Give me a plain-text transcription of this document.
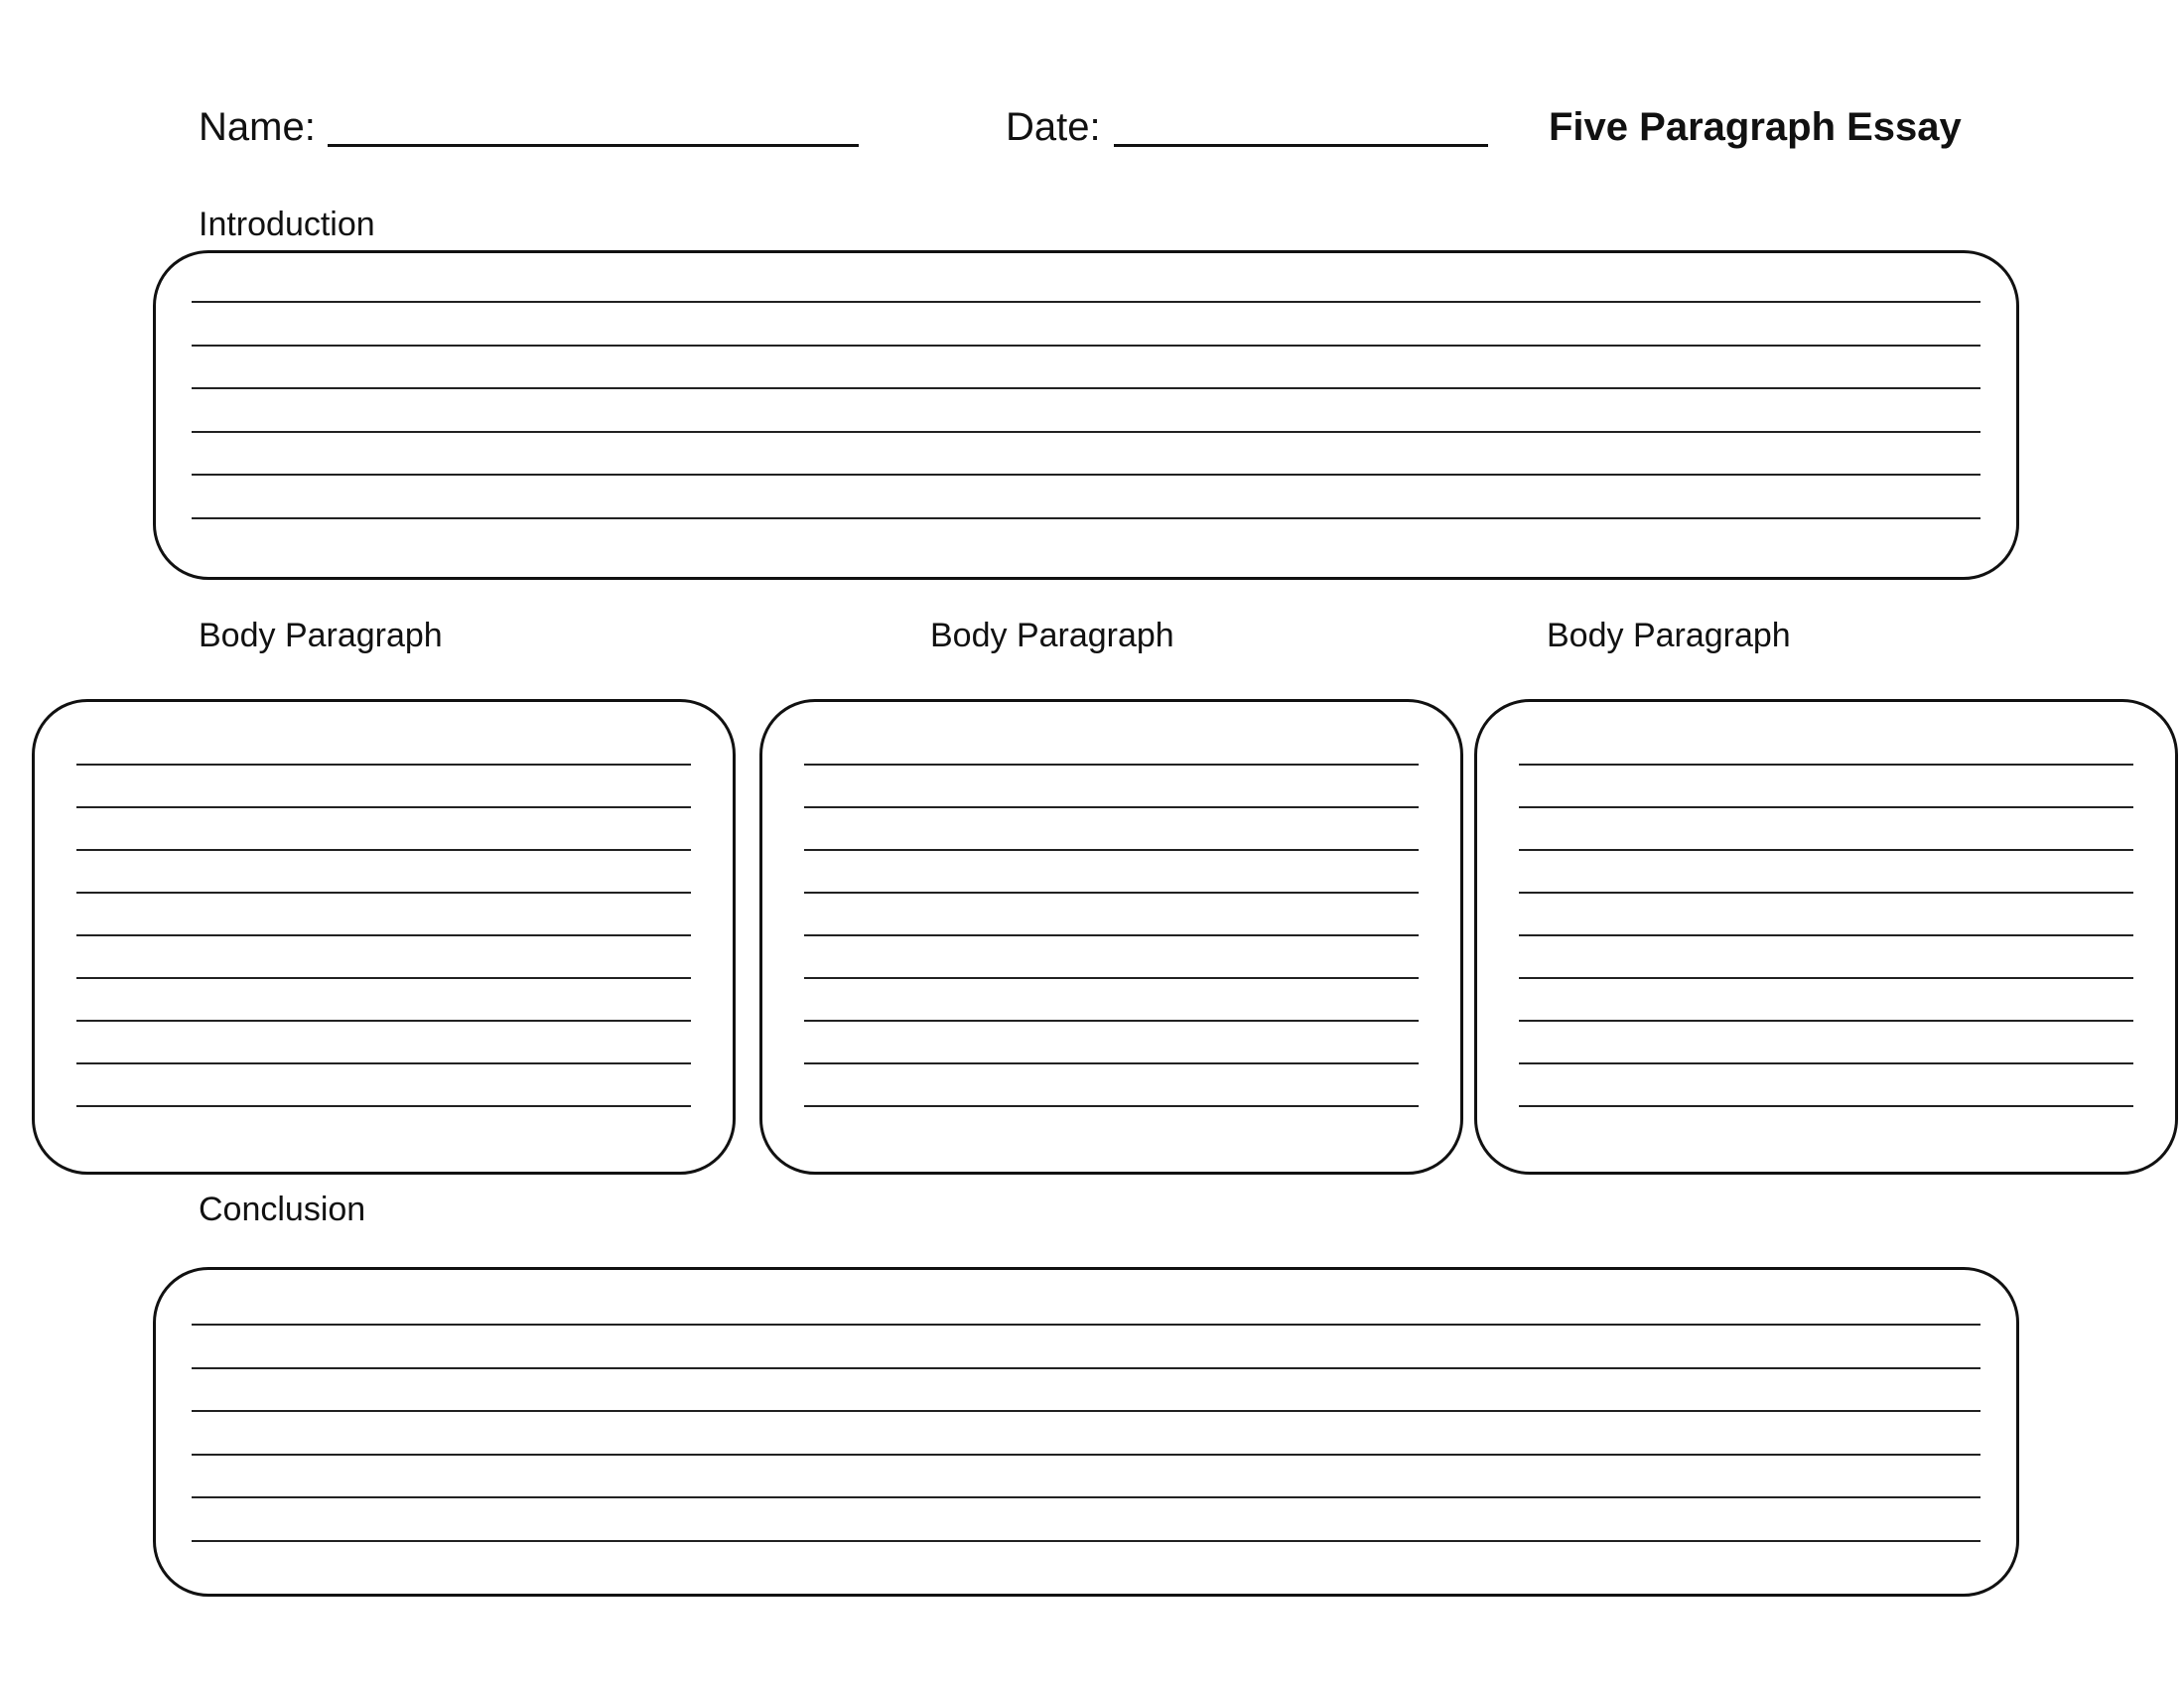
Name:	Date:	Five Paragraph Essay
Introduction
Body Paragraph	Body Paragraph	Body Paragraph
Conclusion
